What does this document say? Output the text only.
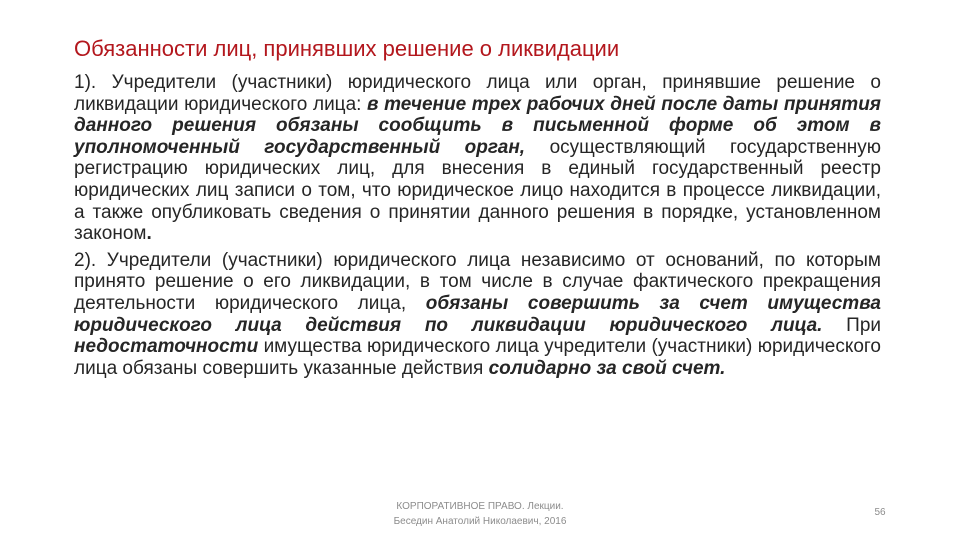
Обязанности лиц, принявших решение о ликвидации

1). Учредители (участники) юридического лица или орган, принявшие решение о ликвидации юридического лица: в течение трех рабочих дней после даты принятия данного решения обязаны сообщить в письменной форме об этом в уполномоченный государственный орган, осуществляющий государственную регистрацию юридических лиц, для внесения в единый государственный реестр юридических лиц записи о том, что юридическое лицо находится в процессе ликвидации, а также опубликовать сведения о принятии данного решения в порядке, установленном законом.

2). Учредители (участники) юридического лица независимо от оснований, по которым принято решение о его ликвидации, в том числе в случае фактического прекращения деятельности юридического лица, обязаны совершить за счет имущества юридического лица действия по ликвидации юридического лица. При недостаточности имущества юридического лица учредители (участники) юридического лица обязаны совершить указанные действия солидарно за свой счет.

КОРПОРАТИВНОЕ ПРАВО. Лекции.
Беседин Анатолий Николаевич, 2016
56
